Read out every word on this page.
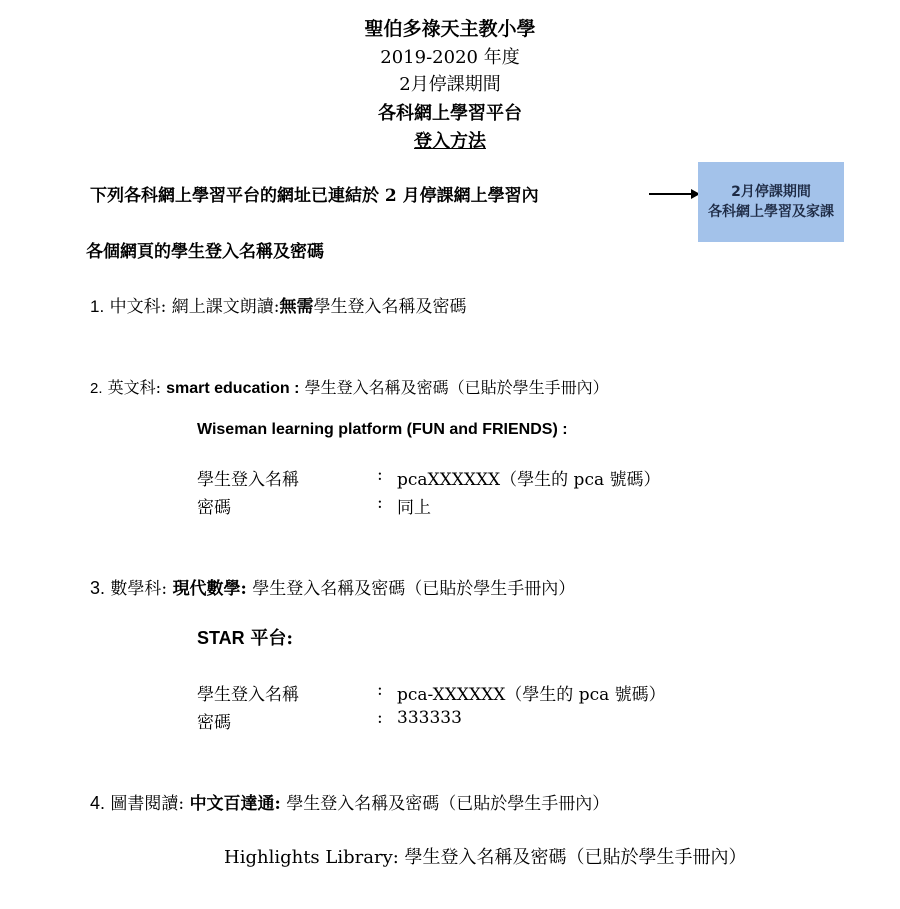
聖伯多祿天主教小學
2019-2020 年度
2月停課期間
各科網上學習平台
登入方法
下列各科網上學習平台的網址已連結於 2 月停課網上學習內	2月停課期間
各科網上學習及家課
各個網頁的學生登入名稱及密碼
1. 中文科: 網上課文朗讀:無需學生登入名稱及密碼
2. 英文科: smart education : 學生登入名稱及密碼（已貼於學生手冊內）
Wiseman learning platform (FUN and FRIENDS) :
學生登入名稱	: pcaXXXXXX（學生的 pca 號碼）
密碼	: 同上
3. 數學科: 現代數學: 學生登入名稱及密碼（已貼於學生手冊內）
STAR 平台:
學生登入名稱	: pca-XXXXXX（學生的 pca 號碼）
密碼	: 333333
4. 圖書閱讀: 中文百達通: 學生登入名稱及密碼（已貼於學生手冊內）
Highlights Library: 學生登入名稱及密碼（已貼於學生手冊內）
